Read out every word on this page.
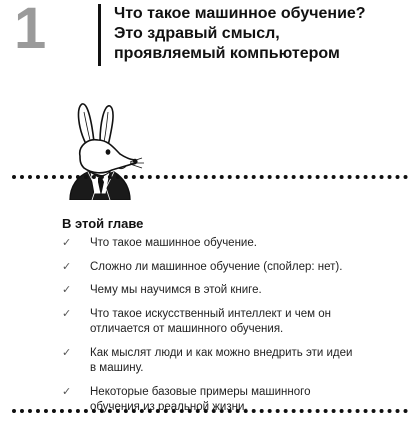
1	Что такое машинное обучение?
Это здравый смысл,
проявляемый компьютером
В этой главе
✓ Что такое машинное обучение.
✓ Сложно ли машинное обучение (спойлер: нет).
✓ Чему мы научимся в этой книге.
✓ Что такое искусственный интеллект и чем он отличается от машинного обучения.
✓ Как мыслят люди и как можно внедрить эти идеи в машину.
✓ Некоторые базовые примеры машинного обучения из реальной жизни.
